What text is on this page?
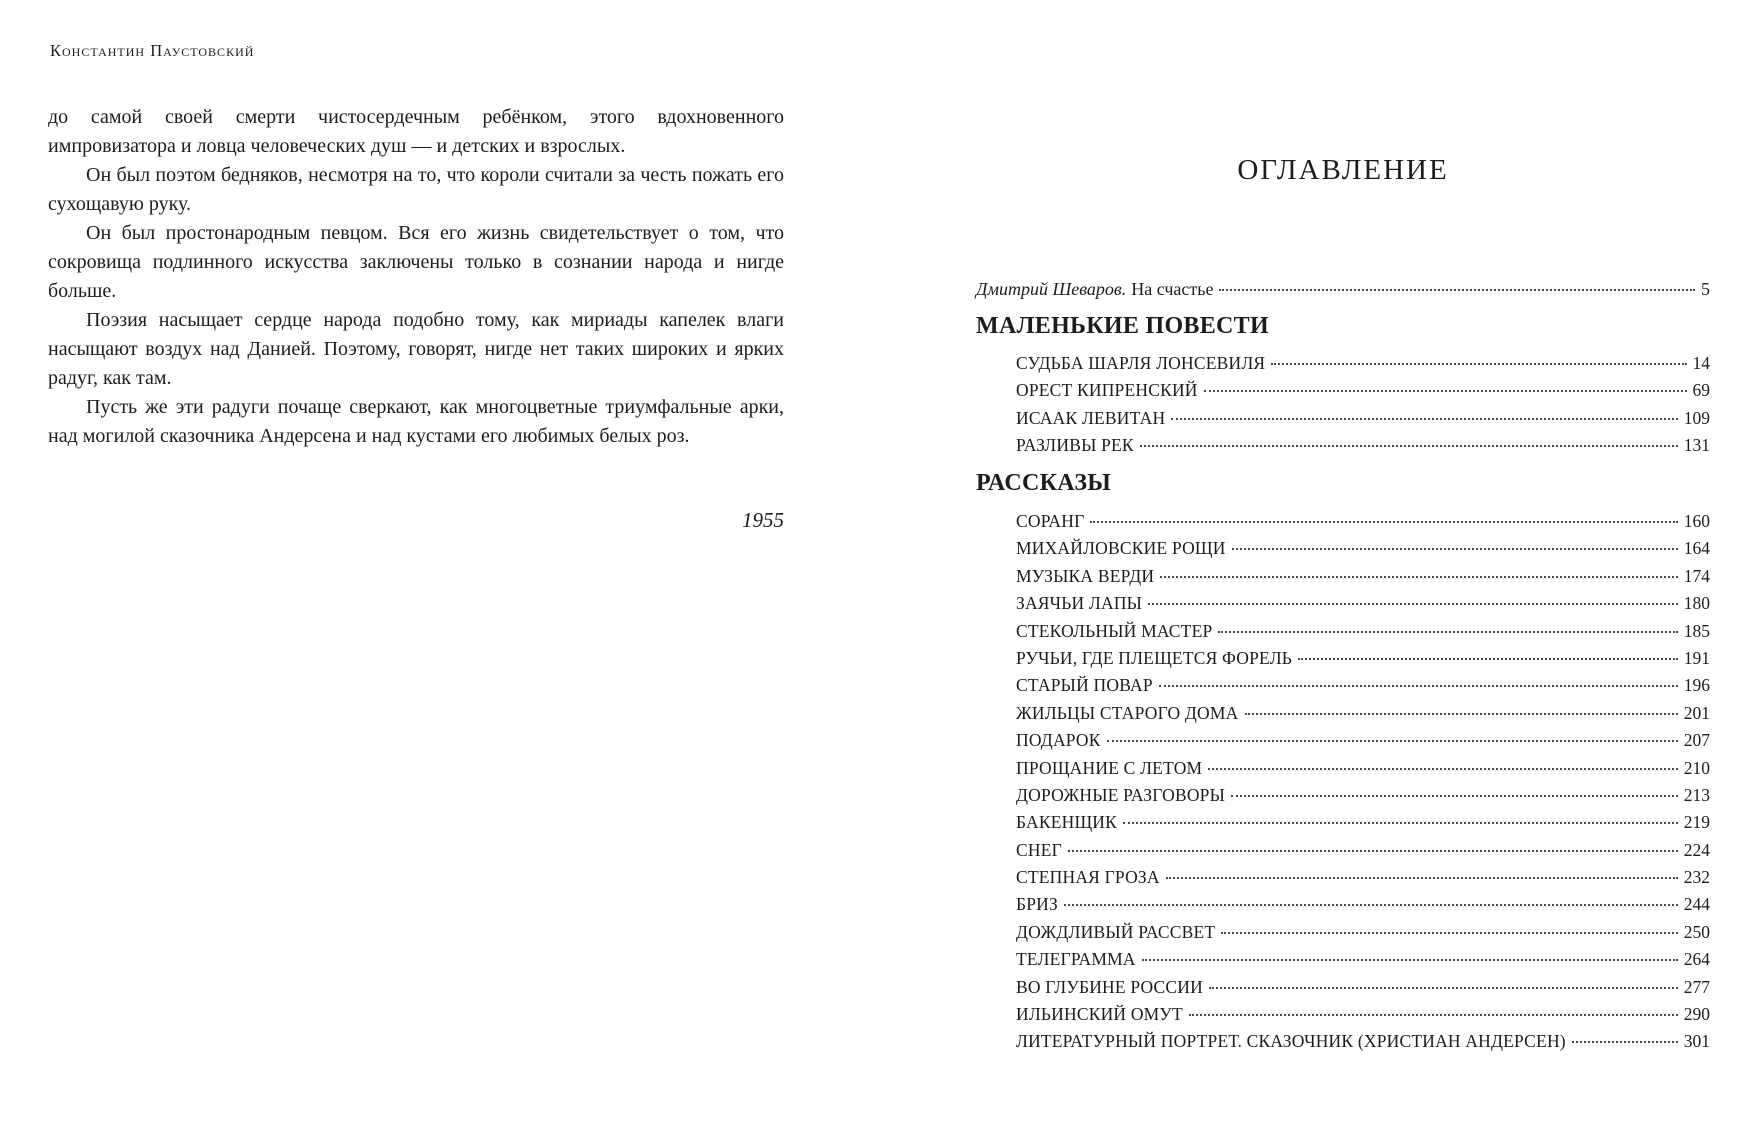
Константин Паустовский

до самой своей смерти чистосердечным ребёнком, этого вдохновенного импровизатора и ловца человеческих душ — и детских и взрослых.

Он был поэтом бедняков, несмотря на то, что короли считали за честь пожать его сухощавую руку.

Он был простонародным певцом. Вся его жизнь свидетельствует о том, что сокровища подлинного искусства заключены только в сознании народа и нигде больше.

Поэзия насыщает сердце народа подобно тому, как мириады капелек влаги насыщают воздух над Данией. Поэтому, говорят, нигде нет таких широких и ярких радуг, как там.

Пусть же эти радуги почаще сверкают, как многоцветные триумфальные арки, над могилой сказочника Андерсена и над кустами его любимых белых роз.

1955
ОГЛАВЛЕНИЕ
Дмитрий Шеваров. На счастье	5
МАЛЕНЬКИЕ ПОВЕСТИ
СУДЬБА ШАРЛЯ ЛОНСЕВИЛЯ	14
ОРЕСТ КИПРЕНСКИЙ	69
ИСААК ЛЕВИТАН	109
РАЗЛИВЫ РЕК	131
РАССКАЗЫ
СОРАНГ	160
МИХАЙЛОВСКИЕ РОЩИ	164
МУЗЫКА ВЕРДИ	174
ЗАЯЧЬИ ЛАПЫ	180
СТЕКОЛЬНЫЙ МАСТЕР	185
РУЧЬИ, ГДЕ ПЛЕЩЕТСЯ ФОРЕЛЬ	191
СТАРЫЙ ПОВАР	196
ЖИЛЬЦЫ СТАРОГО ДОМА	201
ПОДАРОК	207
ПРОЩАНИЕ С ЛЕТОМ	210
ДОРОЖНЫЕ РАЗГОВОРЫ	213
БАКЕНЩИК	219
СНЕГ	224
СТЕПНАЯ ГРОЗА	232
БРИЗ	244
ДОЖДЛИВЫЙ РАССВЕТ	250
ТЕЛЕГРАММА	264
ВО ГЛУБИНЕ РОССИИ	277
ИЛЬИНСКИЙ ОМУТ	290
ЛИТЕРАТУРНЫЙ ПОРТРЕТ. СКАЗОЧНИК (ХРИСТИАН АНДЕРСЕН)	301
